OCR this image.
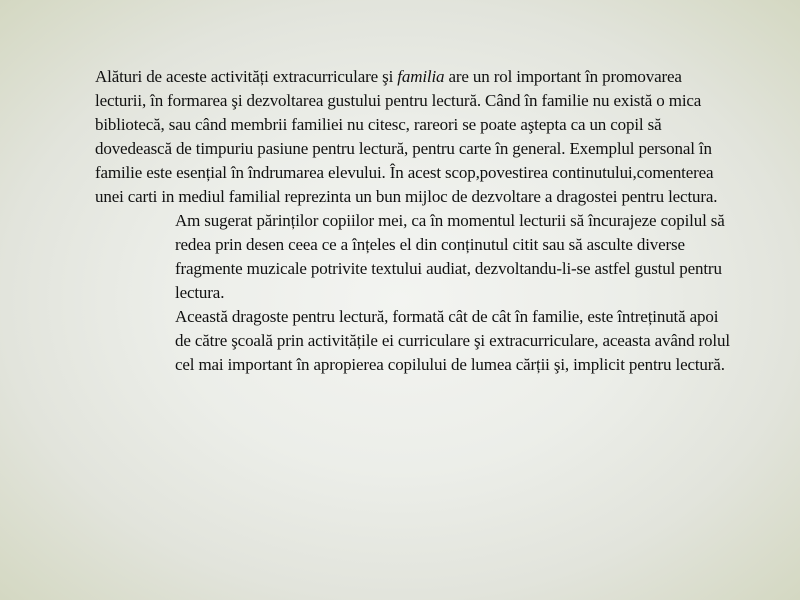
Alături de aceste activități extracurriculare şi familia are un rol important în promovarea lecturii, în formarea şi dezvoltarea gustului pentru lectură. Când în familie nu există o mica bibliotecă, sau când membrii familiei nu citesc, rareori se poate aştepta ca un copil să dovedească de timpuriu pasiune pentru lectură, pentru carte în general. Exemplul personal în familie este esențial în îndrumarea elevului. În acest scop,povestirea continutului,comenterea unei carti in mediul familial reprezinta un bun mijloc de dezvoltare a dragostei pentru lectura.

Am sugerat părinților copiilor mei, ca în momentul lecturii să încurajeze copilul să redea prin desen ceea ce a înțeles el din conținutul citit sau să asculte diverse fragmente muzicale potrivite textului audiat, dezvoltandu-li-se astfel gustul pentru lectura.

Această dragoste pentru lectură, formată cât de cât în familie, este întreținută apoi de către şcoală prin activitățile ei curriculare şi extracurriculare, aceasta având rolul cel mai important în apropierea copilului de lumea cărții şi, implicit pentru lectură.
